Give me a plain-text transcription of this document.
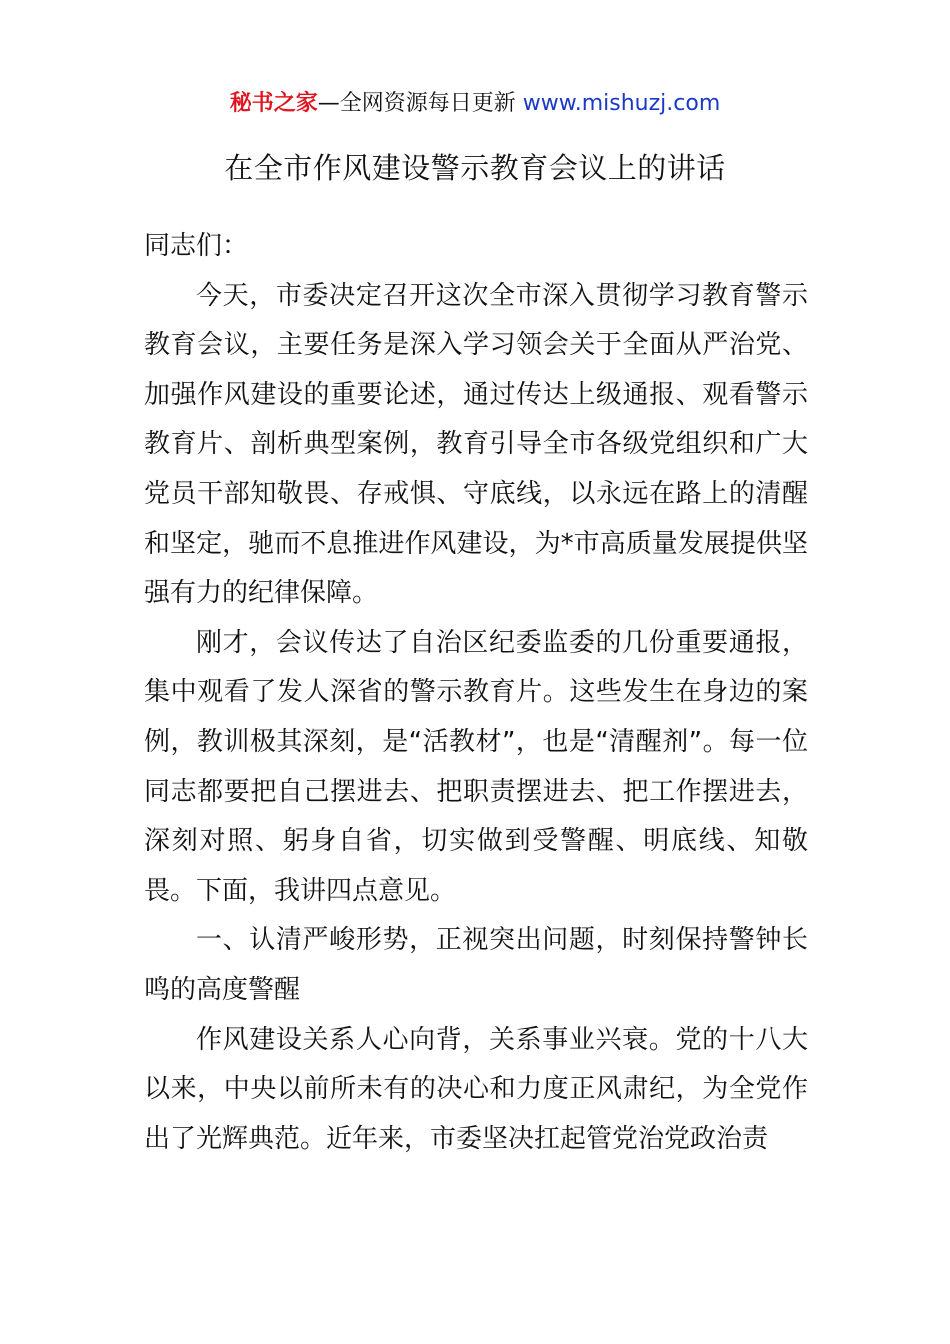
秘书之家—全网资源每日更新 www.mishuzj.com
在全市作风建设警示教育会议上的讲话

同志们：

今天，市委决定召开这次全市深入贯彻学习教育警示教育会议，主要任务是深入学习领会关于全面从严治党、加强作风建设的重要论述，通过传达上级通报、观看警示教育片、剖析典型案例，教育引导全市各级党组织和广大党员干部知敬畏、存戒惧、守底线，以永远在路上的清醒和坚定，驰而不息推进作风建设，为*市高质量发展提供坚强有力的纪律保障。

刚才，会议传达了自治区纪委监委的几份重要通报，集中观看了发人深省的警示教育片。这些发生在身边的案例，教训极其深刻，是“活教材”，也是“清醒剂”。每一位同志都要把自己摆进去、把职责摆进去、把工作摆进去，深刻对照、躬身自省，切实做到受警醒、明底线、知敬畏。下面，我讲四点意见。

一、认清严峻形势，正视突出问题，时刻保持警钟长鸣的高度警醒

作风建设关系人心向背，关系事业兴衰。党的十八大以来，中央以前所未有的决心和力度正风肃纪，为全党作出了光辉典范。近年来，市委坚决扛起管党治党政治责
